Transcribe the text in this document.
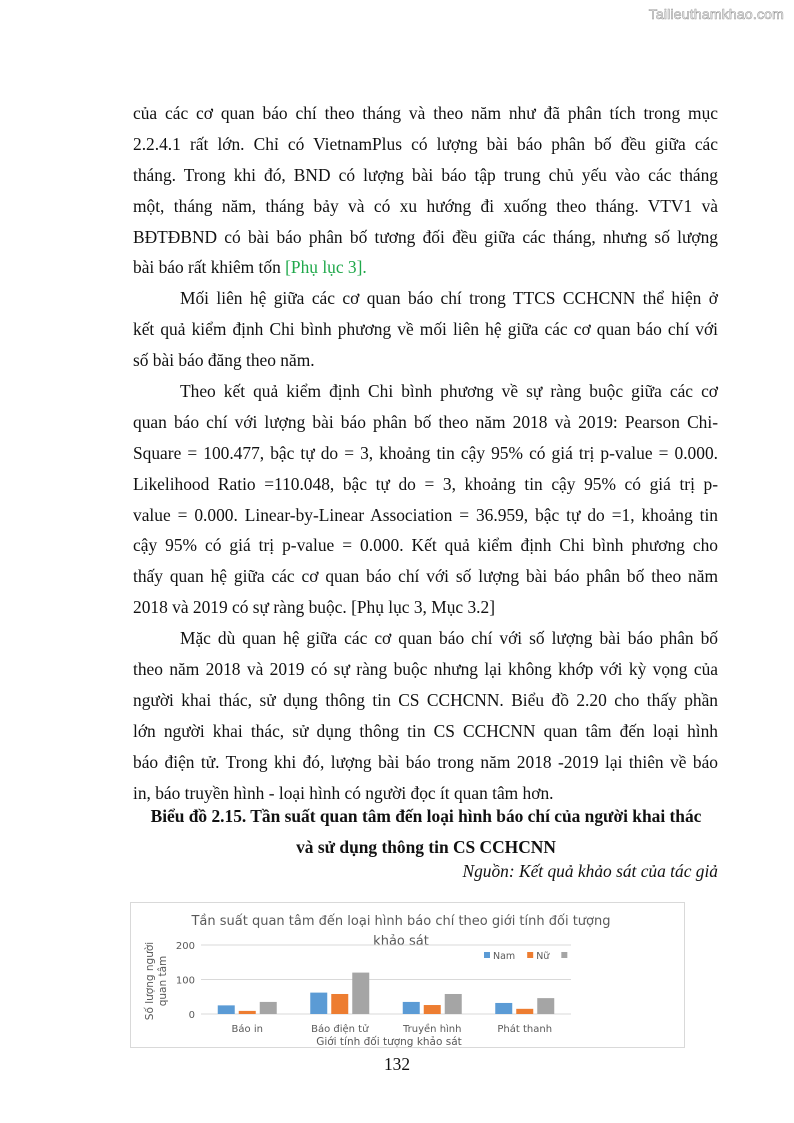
Tailieuthamkhao.com
của các cơ quan báo chí theo tháng và theo năm như đã phân tích trong mục
2.2.4.1 rất lớn. Chỉ có VietnamPlus có lượng bài báo phân bố đều giữa các
tháng. Trong khi đó, BND có lượng bài báo tập trung chủ yếu vào các tháng
một, tháng năm, tháng bảy và có xu hướng đi xuống theo tháng. VTV1 và
BĐTĐBND có bài báo phân bố tương đối đều giữa các tháng, nhưng số lượng
bài báo rất khiêm tốn [Phụ lục 3].
Mối liên hệ giữa các cơ quan báo chí trong TTCS CCHCNN thể hiện ở
kết quả kiểm định Chi bình phương về mối liên hệ giữa các cơ quan báo chí với
số bài báo đăng theo năm.
Theo kết quả kiểm định Chi bình phương về sự ràng buộc giữa các cơ
quan báo chí với lượng bài báo phân bố theo năm 2018 và 2019: Pearson Chi-
Square = 100.477, bậc tự do = 3, khoảng tin cậy 95% có giá trị p-value = 0.000.
Likelihood Ratio =110.048, bậc tự do = 3, khoảng tin cậy 95% có giá trị p-
value = 0.000. Linear-by-Linear Association = 36.959, bậc tự do =1, khoảng tin
cậy 95% có giá trị p-value = 0.000. Kết quả kiểm định Chi bình phương cho
thấy quan hệ giữa các cơ quan báo chí với số lượng bài báo phân bố theo năm
2018 và 2019 có sự ràng buộc. [Phụ lục 3, Mục 3.2]
Mặc dù quan hệ giữa các cơ quan báo chí với số lượng bài báo phân bố
theo năm 2018 và 2019 có sự ràng buộc nhưng lại không khớp với kỳ vọng của
người khai thác, sử dụng thông tin CS CCHCNN. Biểu đồ 2.20 cho thấy phần
lớn người khai thác, sử dụng thông tin CS CCHCNN quan tâm đến loại hình
báo điện tử. Trong khi đó, lượng bài báo trong năm 2018 -2019 lại thiên về báo
in, báo truyền hình - loại hình có người đọc ít quan tâm hơn.
Biểu đồ 2.15. Tần suất quan tâm đến loại hình báo chí của người khai thác
và sử dụng thông tin CS CCHCNN
Nguồn: Kết quả khảo sát của tác giả
Tần suất quan tâm đến loại hình báo chí theo giới tính đối tượng
khảo sát
Giới tính đối tượng khảo sát
Số lượng người quan tâm
0
100
200
Báo in	Báo điện tử	Truyền hình	Phát thanh
Nam Nữ
132
